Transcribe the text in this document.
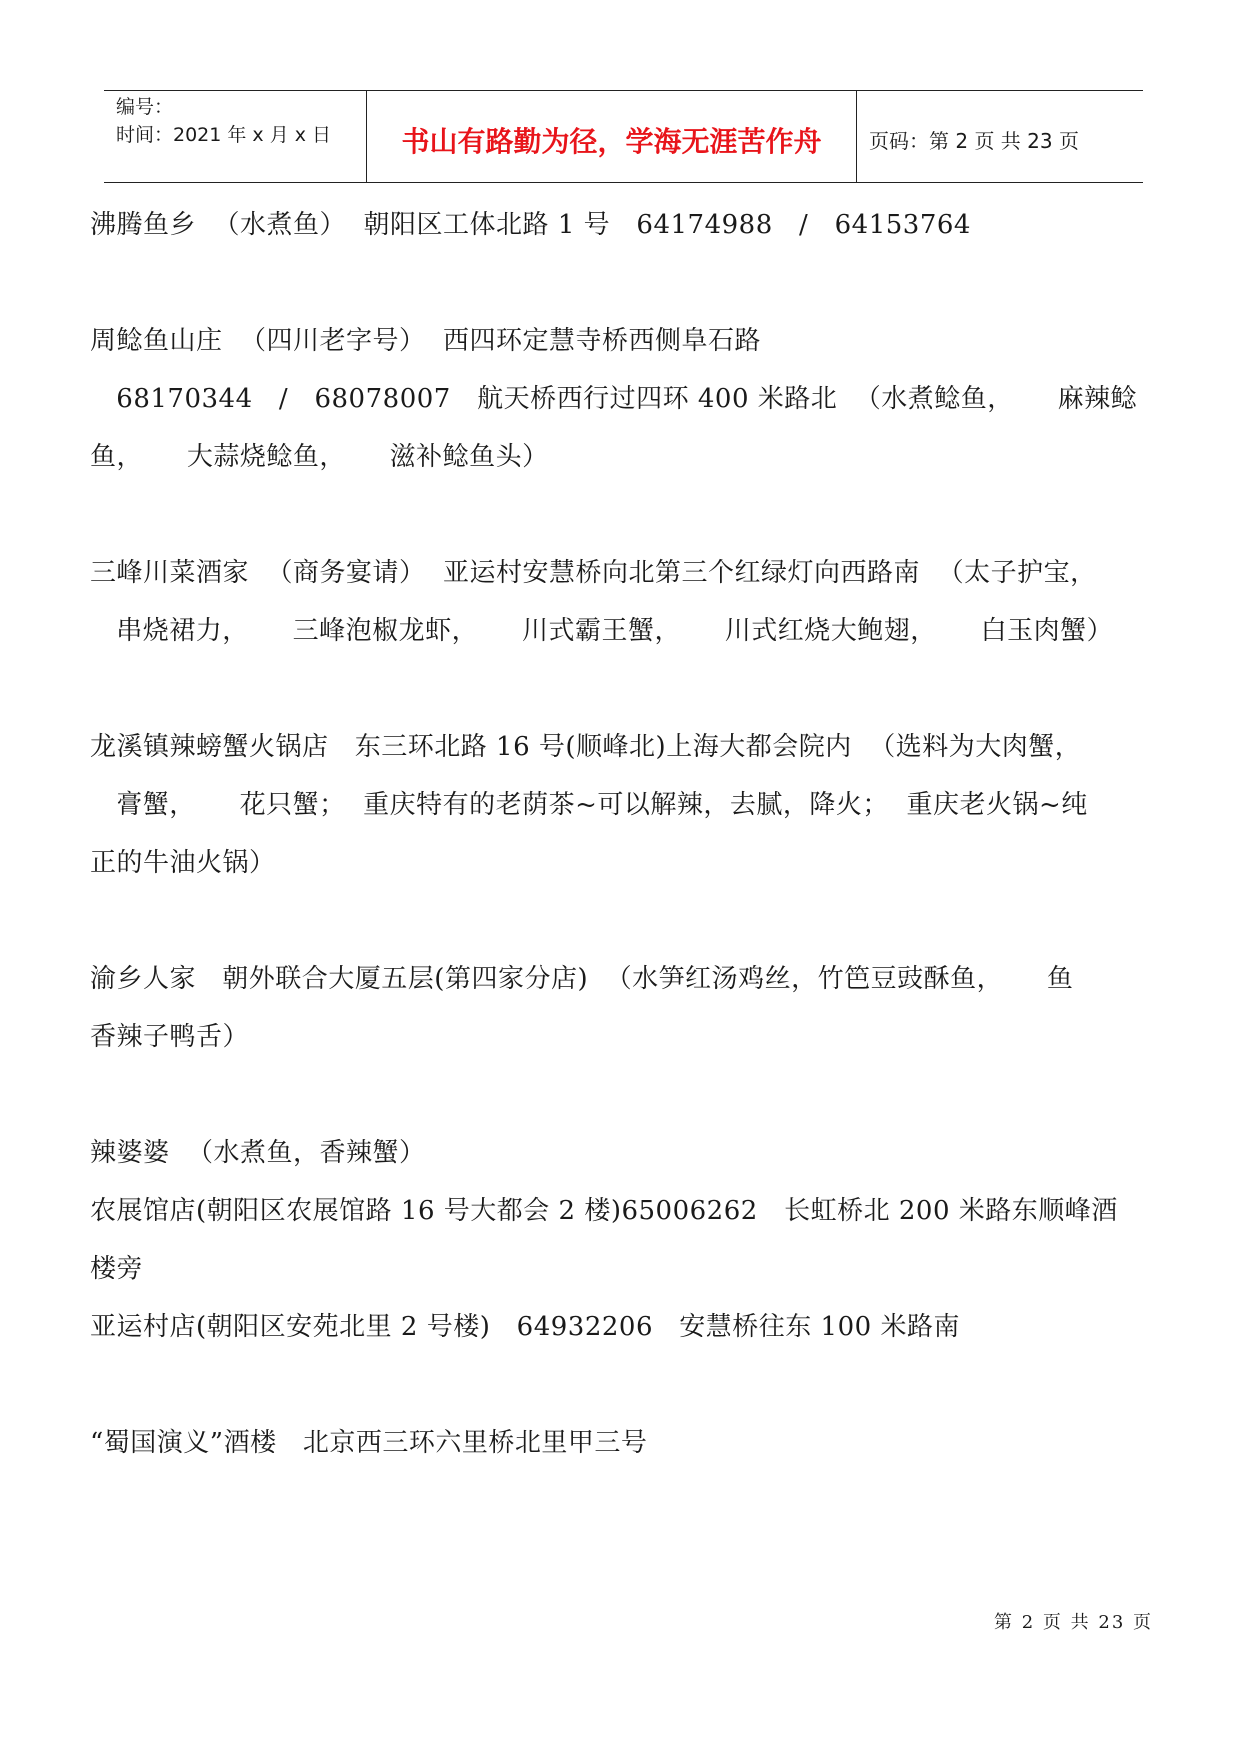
编号：
时间：2021 年 x 月 x 日	书山有路勤为径，学海无涯苦作舟	页码：第 2 页 共 23 页
沸腾鱼乡  （水煮鱼）  朝阳区工体北路 1 号   64174988   /   64153764
周鲶鱼山庄  （四川老字号）  西四环定慧寺桥西侧阜石路
68170344   /   68078007   航天桥西行过四环 400 米路北  （水煮鲶鱼，     麻辣鲶
鱼，     大蒜烧鲶鱼，     滋补鲶鱼头）
三峰川菜酒家  （商务宴请）  亚运村安慧桥向北第三个红绿灯向西路南  （太子护宝，
串烧裙力，     三峰泡椒龙虾，     川式霸王蟹，     川式红烧大鲍翅，     白玉肉蟹）
龙溪镇辣螃蟹火锅店   东三环北路 16 号(顺峰北)上海大都会院内  （选料为大肉蟹，
膏蟹，     花只蟹；  重庆特有的老荫茶~可以解辣，去腻，降火；  重庆老火锅~纯
正的牛油火锅）
渝乡人家   朝外联合大厦五层(第四家分店)  （水笋红汤鸡丝，竹笆豆豉酥鱼，     鱼
香辣子鸭舌）
辣婆婆  （水煮鱼，香辣蟹）
农展馆店(朝阳区农展馆路 16 号大都会 2 楼)65006262   长虹桥北 200 米路东顺峰酒
楼旁
亚运村店(朝阳区安苑北里 2 号楼)   64932206   安慧桥往东 100 米路南
“蜀国演义”酒楼   北京西三环六里桥北里甲三号
第 2 页 共 23 页
